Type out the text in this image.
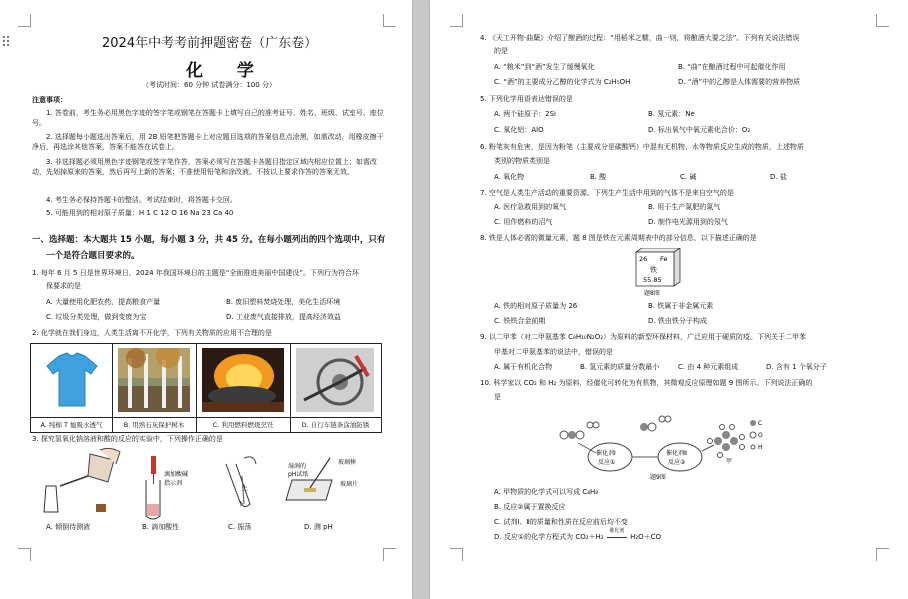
2024年中考考前押题密卷（广东卷）
化 学
（考试时间：60 分钟 试卷满分：100 分）
注意事项：
1. 答卷前，考生务必用黑色字迹的签字笔或钢笔在答题卡上填写自己的准考证号、姓名、班级、试室号、座位号。
2. 选择题每小题选出答案后，用 2B 铅笔把答题卡上对应题目选项的答案信息点涂黑，如需改动，用橡皮擦干净后，再选涂其他答案，答案不能答在试卷上。
3. 非选择题必须用黑色字迹钢笔或签字笔作答，答案必须写在答题卡各题目指定区域内相应位置上；如需改动，先划掉原来的答案，然后再写上新的答案；不准使用铅笔和涂改液。不按以上要求作答的答案无效。
4. 考生务必保持答题卡的整洁。考试结束时，将答题卡交回。
5. 可能用到的相对原子质量：H 1 C 12 O 16 Na 23 Ca 40
一、选择题：本大题共 15 小题，每小题 3 分，共 45 分。在每小题列出的四个选项中，只有
一个是符合题目要求的。
1. 每年 6 月 5 日是世界环境日，2024 年我国环境日的主题是“全面推进美丽中国建设”。下列行为符合环
保要求的是
A. 大量使用化肥农药，提高粮食产量	B. 废旧塑料焚烧处理，美化生活环境
C. 垃圾分类处理，做到变废为宝	D. 工业废气直接排放，提高经济效益
2. 化学就在我们身边，人类生活离不开化学，下列有关物质的应用不合理的是
A. 纯棉 T 恤吸水透气	B. 用熟石灰保护树木	C. 利用燃料燃烧烹饪	D. 自行车链条涂油防锈
3. 探究氢氧化钠溶液和酸的反应的实验中，下列操作正确的是
滴加酸碱
指示剂
上
下
玻璃棒
湿润的
pH试纸
玻璃片
A. 倾倒待测液	B. 滴加酸性	C. 振荡	D. 测 pH
4. 《天工开物·曲蘖》介绍了酿酒的过程：“用稻米之糯，曲一则，将酿酒大要之法”。下列有关说法错误
的是
A. “粮米”到“酒”发生了缓慢氧化	B. “曲”在酿酒过程中可起催化作用
C. “酒”的主要成分乙醇的化学式为 C₂H₅OH	D. “酒”中的乙醇是人体需要的营养物质
5. 下列化学用语表达错误的是
A. 两个硅原子：2Si	B. 氖元素：Ne
C. 氧化铝：AlO	D. 标出氧气中氧元素化合价：O₂
6. 粉笔灰有危害，是因为粉笔（主要成分是碳酸钙）中混有无机物、水等物质反应生成的物质，上述物质
类别的物质类别是
A. 氧化物	B. 酸	C. 碱	D. 盐
7. 空气是人类生产活动的重要资源。下列生产生活中用到的气体不是来自空气的是
A. 医疗急救用到的氧气	B. 用于生产氮肥的氮气
C. 用作燃料的沼气	D. 制作电光源用到的氖气
8. 铁是人体必需的微量元素，题 8 图是铁在元素周期表中的部分信息，以下描述正确的是
26 Fe
铁
55.85
题8图
A. 铁的相对原子质量为 26	B. 铁属于非金属元素
C. 铁铁合金前期	D. 铁由铁分子构成
9. 以二甲苯（对二甲氨基苯 C₈H₁₀N₂O₂）为原料的新型环保材料，广泛应用于硬质防疫。下列关于二甲苯
甲基对二甲氨基苯的说法中，错误的是
A. 属于有机化合物	B. 氢元素的质量分数最小	C. 由 4 种元素组成	D. 含有 1 个氧分子
10. 科学家以 CO₂ 和 H₂ 为原料，经催化可转化为有机物，其微观反应原理如题 9 图所示。下列说法正确的
是
催化剂Ⅰ
反应①
催化剂Ⅱ
反应②	甲
C
O
H
题9图
A. 甲物质的化学式可以写成 C₄H₈
B. 反应②属于置换反应
C. 试剂Ⅰ、Ⅱ的质量和性质在反应前后均不变
D. 反应①的化学方程式为 CO₂＋H₂
催化剂
H₂O＋CO
